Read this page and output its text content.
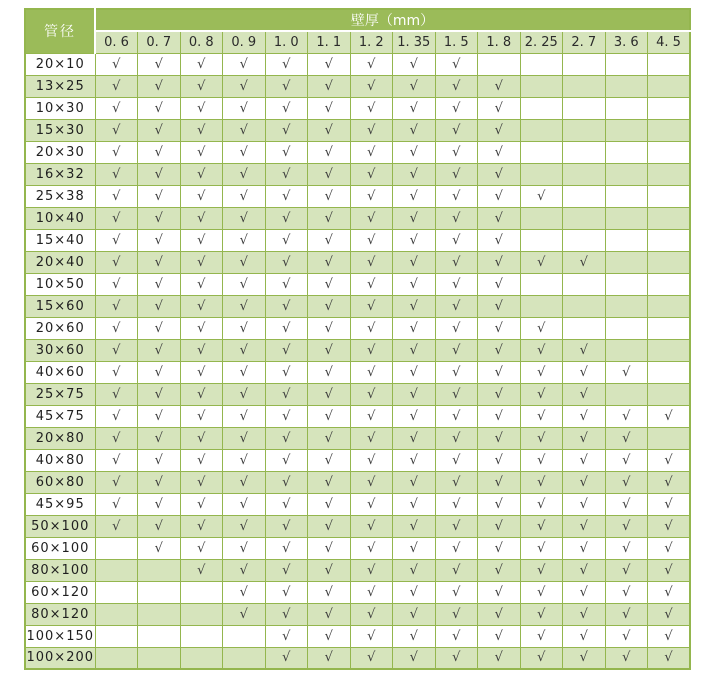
管径	壁厚（mm）													
	0. 6	0. 7	0. 8	0. 9	1. 0	1. 1	1. 2	1. 35	1. 5	1. 8	2. 25	2. 7	3. 6	4. 5
20×10	√	√	√	√	√	√	√	√	√					
13×25	√	√	√	√	√	√	√	√	√	√				
10×30	√	√	√	√	√	√	√	√	√	√				
15×30	√	√	√	√	√	√	√	√	√	√				
20×30	√	√	√	√	√	√	√	√	√	√				
16×32	√	√	√	√	√	√	√	√	√	√				
25×38	√	√	√	√	√	√	√	√	√	√	√			
10×40	√	√	√	√	√	√	√	√	√	√				
15×40	√	√	√	√	√	√	√	√	√	√				
20×40	√	√	√	√	√	√	√	√	√	√	√	√		
10×50	√	√	√	√	√	√	√	√	√	√				
15×60	√	√	√	√	√	√	√	√	√	√				
20×60	√	√	√	√	√	√	√	√	√	√	√			
30×60	√	√	√	√	√	√	√	√	√	√	√	√		
40×60	√	√	√	√	√	√	√	√	√	√	√	√	√	
25×75	√	√	√	√	√	√	√	√	√	√	√	√		
45×75	√	√	√	√	√	√	√	√	√	√	√	√	√	√
20×80	√	√	√	√	√	√	√	√	√	√	√	√	√	
40×80	√	√	√	√	√	√	√	√	√	√	√	√	√	√
60×80	√	√	√	√	√	√	√	√	√	√	√	√	√	√
45×95	√	√	√	√	√	√	√	√	√	√	√	√	√	√
50×100	√	√	√	√	√	√	√	√	√	√	√	√	√	√
60×100		√	√	√	√	√	√	√	√	√	√	√	√	√
80×100			√	√	√	√	√	√	√	√	√	√	√	√
60×120				√	√	√	√	√	√	√	√	√	√	√
80×120				√	√	√	√	√	√	√	√	√	√	√
100×150					√	√	√	√	√	√	√	√	√	√
100×200					√	√	√	√	√	√	√	√	√	√
